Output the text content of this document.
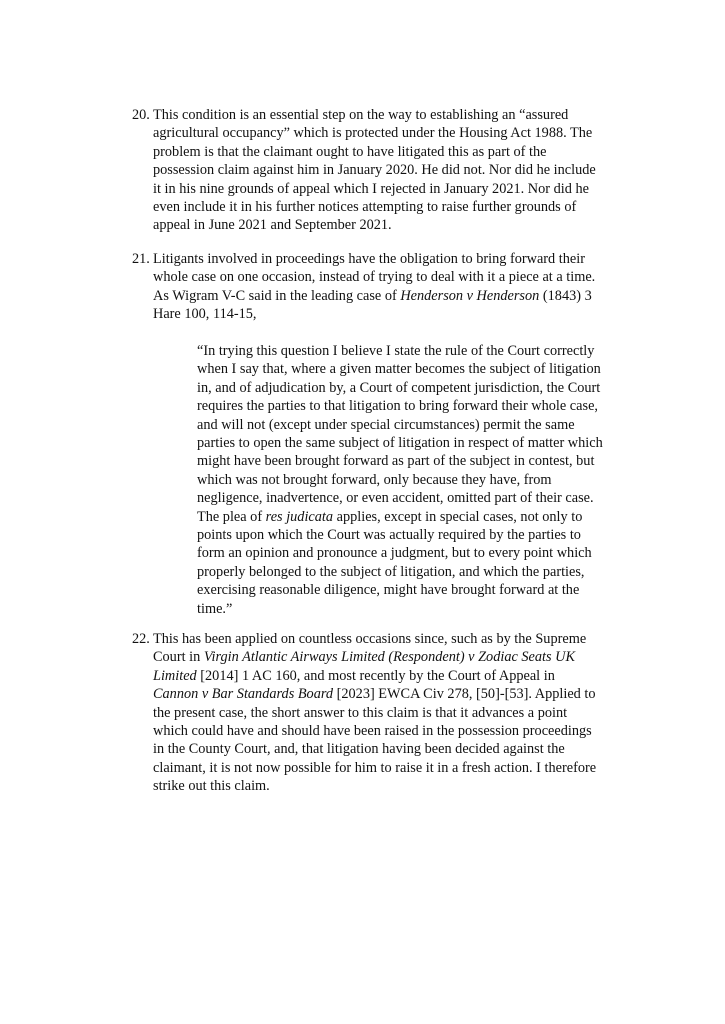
20. This condition is an essential step on the way to establishing an “assured
agricultural occupancy” which is protected under the Housing Act 1988. The
problem is that the claimant ought to have litigated this as part of the
possession claim against him in January 2020. He did not. Nor did he include
it in his nine grounds of appeal which I rejected in January 2021. Nor did he
even include it in his further notices attempting to raise further grounds of
appeal in June 2021 and September 2021.
21. Litigants involved in proceedings have the obligation to bring forward their
whole case on one occasion, instead of trying to deal with it a piece at a time.
As Wigram V-C said in the leading case of Henderson v Henderson (1843) 3
Hare 100, 114-15,
“In trying this question I believe I state the rule of the Court correctly
when I say that, where a given matter becomes the subject of litigation
in, and of adjudication by, a Court of competent jurisdiction, the Court
requires the parties to that litigation to bring forward their whole case,
and will not (except under special circumstances) permit the same
parties to open the same subject of litigation in respect of matter which
might have been brought forward as part of the subject in contest, but
which was not brought forward, only because they have, from
negligence, inadvertence, or even accident, omitted part of their case.
The plea of res judicata applies, except in special cases, not only to
points upon which the Court was actually required by the parties to
form an opinion and pronounce a judgment, but to every point which
properly belonged to the subject of litigation, and which the parties,
exercising reasonable diligence, might have brought forward at the
time.”
22. This has been applied on countless occasions since, such as by the Supreme
Court in Virgin Atlantic Airways Limited (Respondent) v Zodiac Seats UK
Limited [2014] 1 AC 160, and most recently by the Court of Appeal in
Cannon v Bar Standards Board [2023] EWCA Civ 278, [50]-[53]. Applied to
the present case, the short answer to this claim is that it advances a point
which could have and should have been raised in the possession proceedings
in the County Court, and, that litigation having been decided against the
claimant, it is not now possible for him to raise it in a fresh action. I therefore
strike out this claim.
